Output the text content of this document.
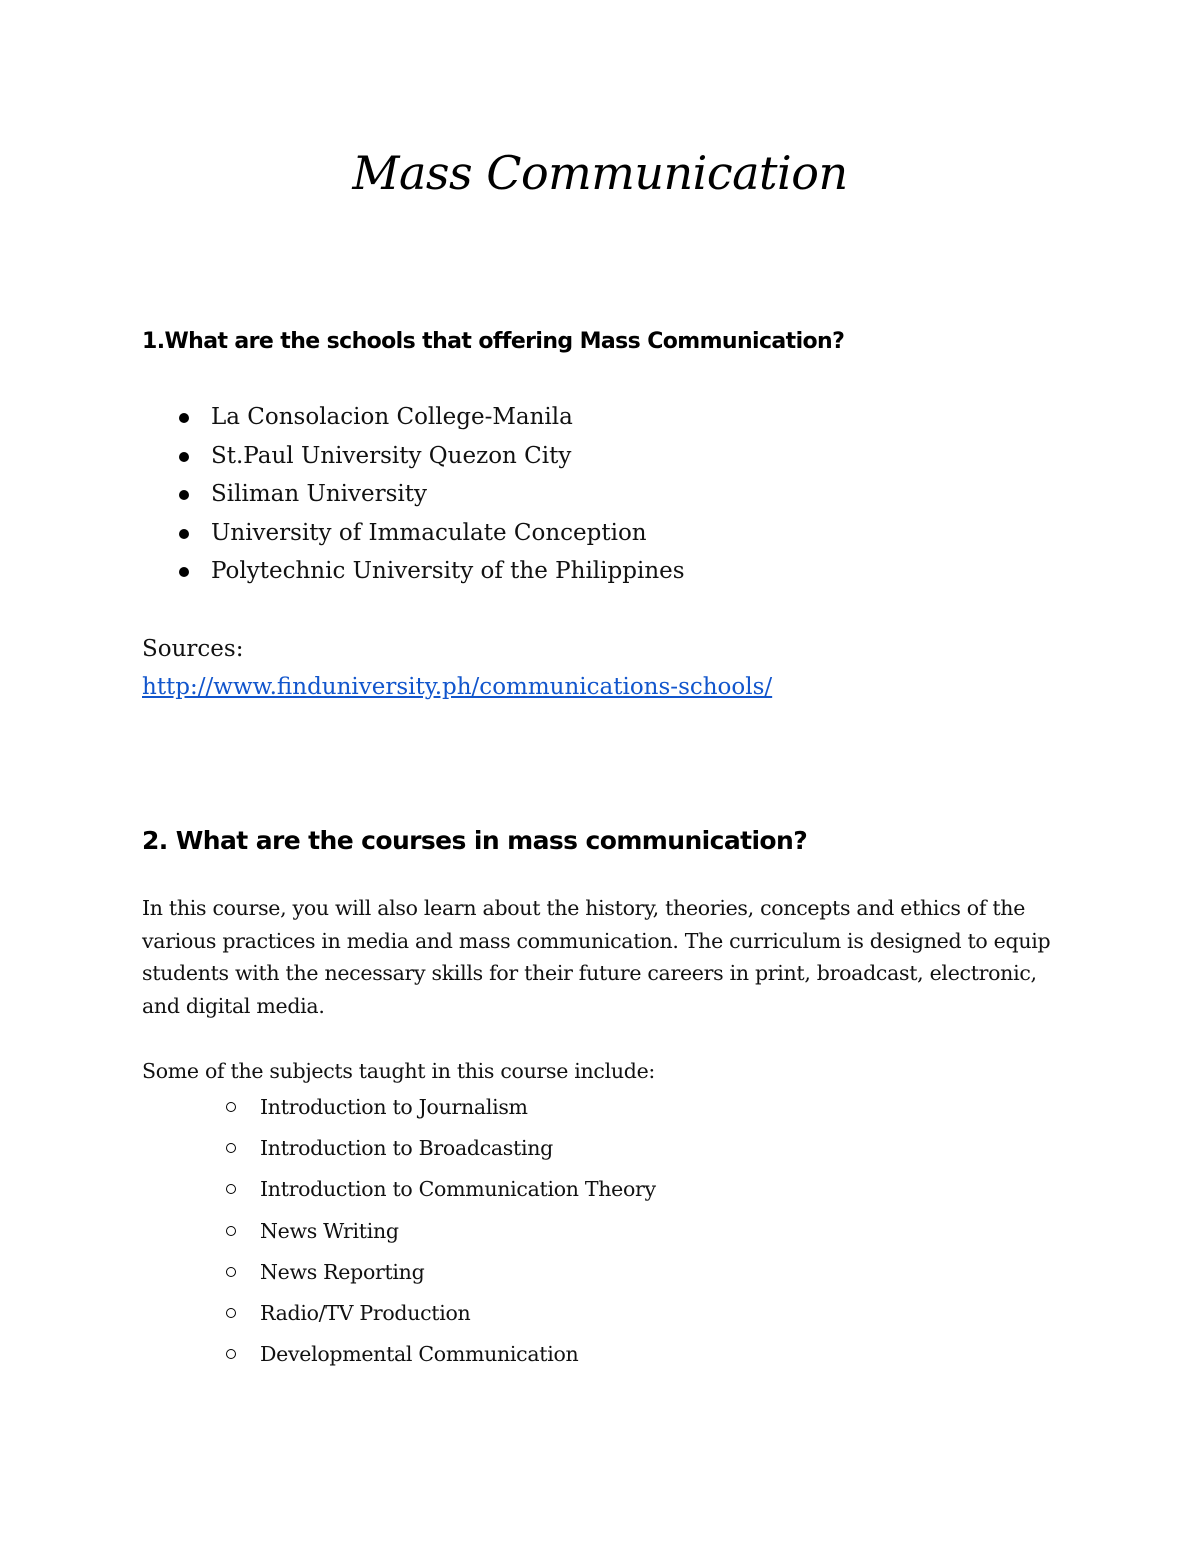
Mass Communication
1.What are the schools that offering Mass Communication?
La Consolacion College-Manila
St.Paul University Quezon City
Siliman University
University of Immaculate Conception
Polytechnic University of the Philippines
Sources:
http://www.finduniversity.ph/communications-schools/
2. What are the courses in mass communication?

In this course, you will also learn about the history, theories, concepts and ethics of the various practices in media and mass communication. The curriculum is designed to equip students with the necessary skills for their future careers in print, broadcast, electronic, and digital media.

Some of the subjects taught in this course include:
Introduction to Journalism
Introduction to Broadcasting
Introduction to Communication Theory
News Writing
News Reporting
Radio/TV Production
Developmental Communication
